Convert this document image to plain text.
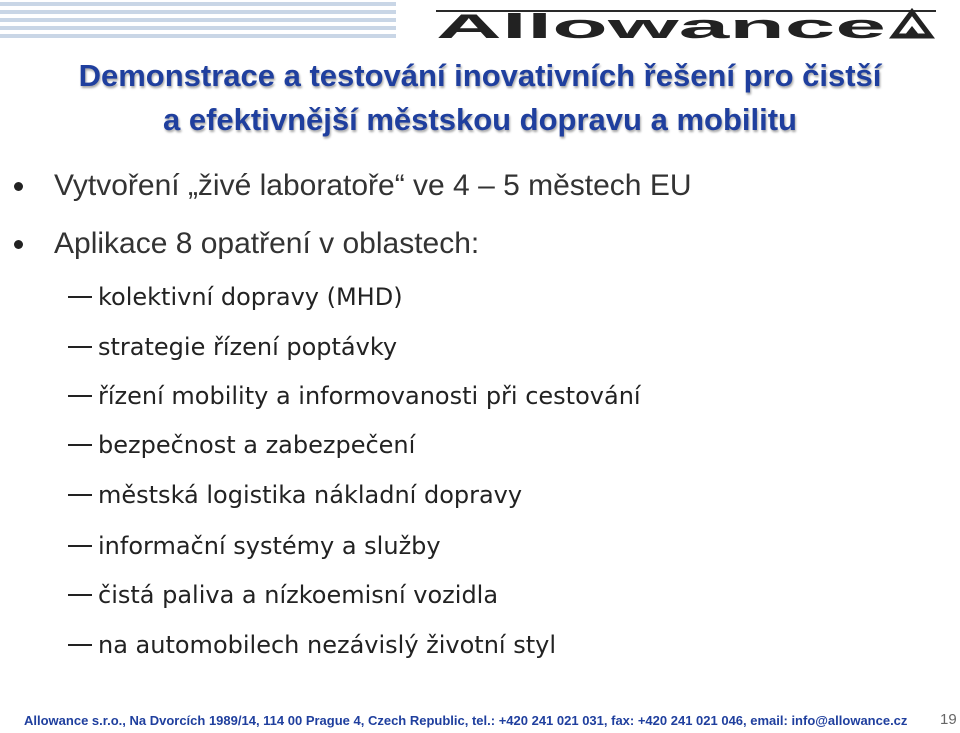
Allowance
Demonstrace a testování inovativních řešení pro čistší
a efektivnější městskou dopravu a mobilitu
Vytvoření „živé laboratoře“ ve 4 – 5 městech EU
Aplikace 8 opatření v oblastech:
kolektivní dopravy (MHD)
strategie řízení poptávky
řízení mobility a informovanosti při cestování
bezpečnost a zabezpečení
městská logistika nákladní dopravy
informační systémy a služby
čistá paliva a nízkoemisní vozidla
na automobilech nezávislý životní styl
Allowance s.r.o., Na Dvorcích 1989/14, 114 00 Prague 4, Czech Republic, tel.: +420 241 021 031, fax: +420 241 021 046, email: info@allowance.cz 19
